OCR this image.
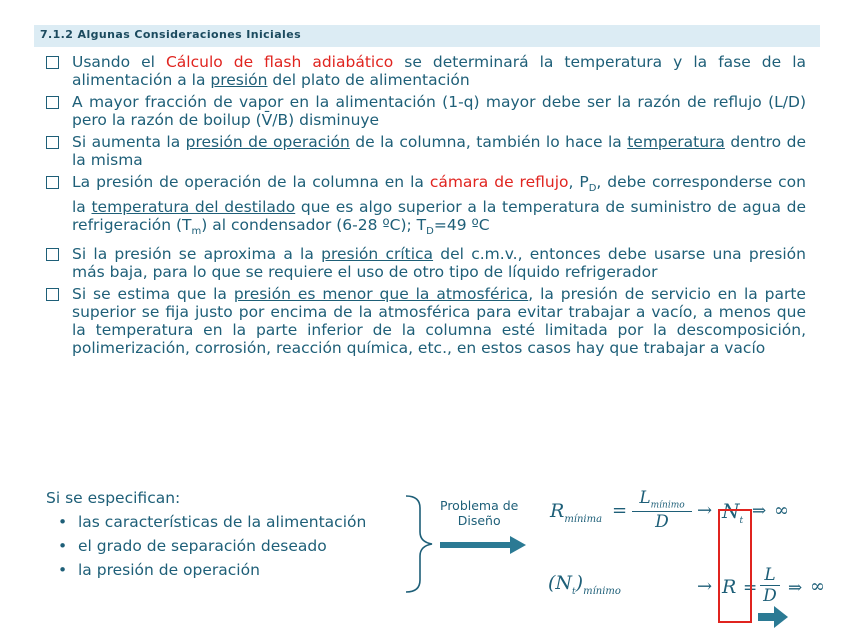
7.1.2 Algunas Consideraciones Iniciales
Usando el Cálculo de flash adiabático se determinará la temperatura y la fase de la alimentación a la presión del plato de alimentación
A mayor fracción de vapor en la alimentación (1-q) mayor debe ser la razón de reflujo (L/D) pero la razón de boilup (V̄/B) disminuye
Si aumenta la presión de operación de la columna, también lo hace la temperatura dentro de la misma
La presión de operación de la columna en la cámara de reflujo, $P_D$, debe corresponderse con la temperatura del destilado que es algo superior a la temperatura de suministro de agua de refrigeración $(T_m)$ al condensador (6-28 ºC); $T_D=49$ ºC
Si la presión se aproxima a la presión crítica del c.m.v., entonces debe usarse una presión más baja, para lo que se requiere el uso de otro tipo de líquido refrigerador
Si se estima que la presión es menor que la atmosférica, la presión de servicio en la parte superior se fija justo por encima de la atmosférica para evitar trabajar a vacío, a menos que la temperatura en la parte inferior de la columna esté limitada por la descomposición, polimerización, corrosión, reacción química, etc., en estos casos hay que trabajar a vacío

Si se especifican:

• las características de la alimentación
• el grado de separación deseado
• la presión de operación
Problema de
Diseño	$R_{mínima}$ =
$L_{mínimo}$
D
→ $N_t$ ⇒ ∞
$(N_t)_{mínimo}$	→ R =
L
D ⇒ ∞
